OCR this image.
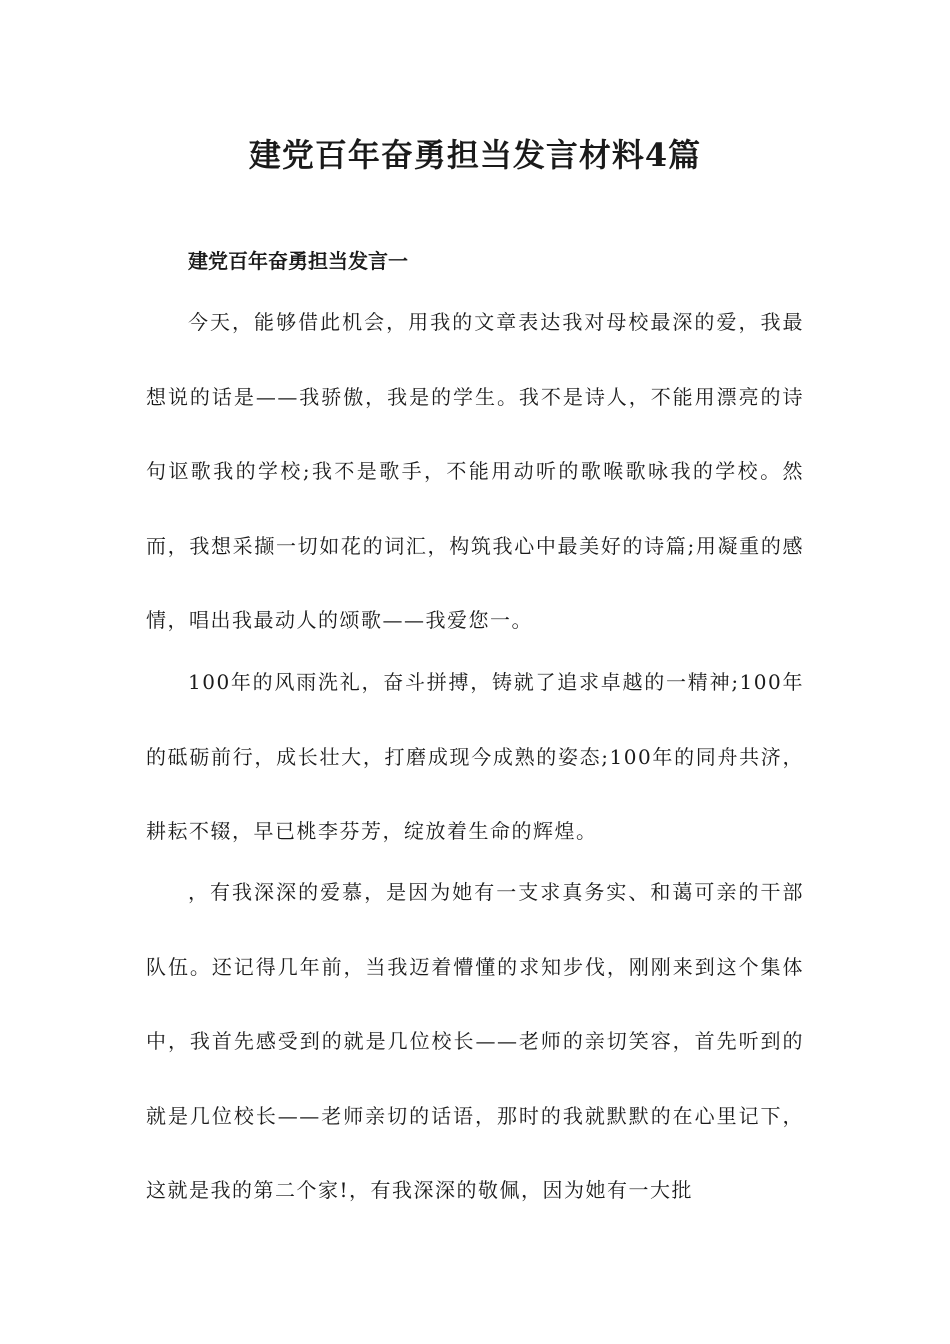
建党百年奋勇担当发言材料4篇
建党百年奋勇担当发言一

今天，能够借此机会，用我的文章表达我对母校最深的爱，我最想说的话是——我骄傲，我是的学生。我不是诗人，不能用漂亮的诗句讴歌我的学校;我不是歌手，不能用动听的歌喉歌咏我的学校。然而，我想采撷一切如花的词汇，构筑我心中最美好的诗篇;用凝重的感情，唱出我最动人的颂歌——我爱您一。

100年的风雨洗礼，奋斗拼搏，铸就了追求卓越的一精神;100年的砥砺前行，成长壮大，打磨成现今成熟的姿态;100年的同舟共济，耕耘不辍，早已桃李芬芳，绽放着生命的辉煌。

，有我深深的爱慕，是因为她有一支求真务实、和蔼可亲的干部队伍。还记得几年前，当我迈着懵懂的求知步伐，刚刚来到这个集体中，我首先感受到的就是几位校长——老师的亲切笑容，首先听到的就是几位校长——老师亲切的话语，那时的我就默默的在心里记下，这就是我的第二个家!，有我深深的敬佩，因为她有一大批
